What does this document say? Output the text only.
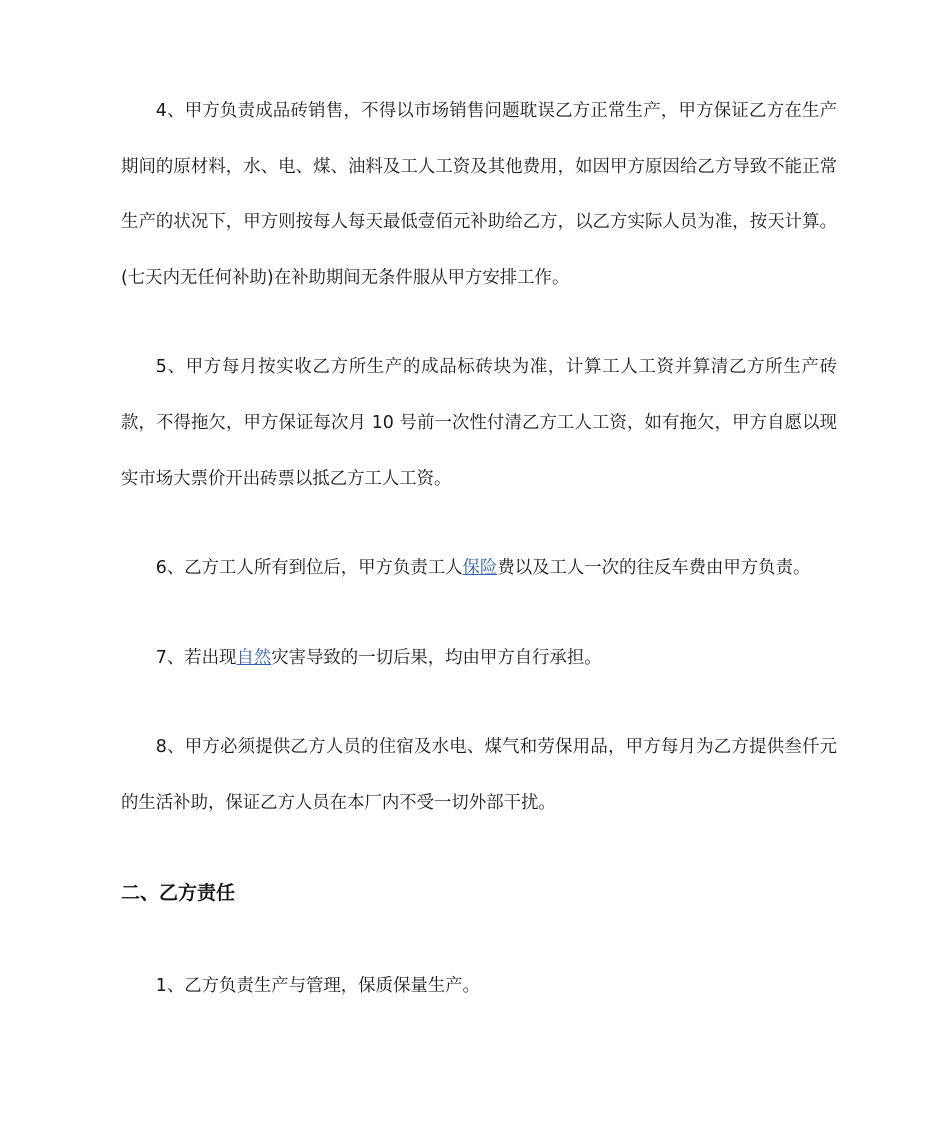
4、甲方负责成品砖销售，不得以市场销售问题耽误乙方正常生产，甲方保证乙方在生产期间的原材料，水、电、煤、油料及工人工资及其他费用，如因甲方原因给乙方导致不能正常生产的状况下，甲方则按每人每天最低壹佰元补助给乙方，以乙方实际人员为准，按天计算。(七天内无任何补助)在补助期间无条件服从甲方安排工作。

5、甲方每月按实收乙方所生产的成品标砖块为准，计算工人工资并算清乙方所生产砖款，不得拖欠，甲方保证每次月 10 号前一次性付清乙方工人工资，如有拖欠，甲方自愿以现实市场大票价开出砖票以抵乙方工人工资。

6、乙方工人所有到位后，甲方负责工人保险费以及工人一次的往反车费由甲方负责。

7、若出现自然灾害导致的一切后果，均由甲方自行承担。

8、甲方必须提供乙方人员的住宿及水电、煤气和劳保用品，甲方每月为乙方提供叁仟元的生活补助，保证乙方人员在本厂内不受一切外部干扰。

二、乙方责任

1、乙方负责生产与管理，保质保量生产。
